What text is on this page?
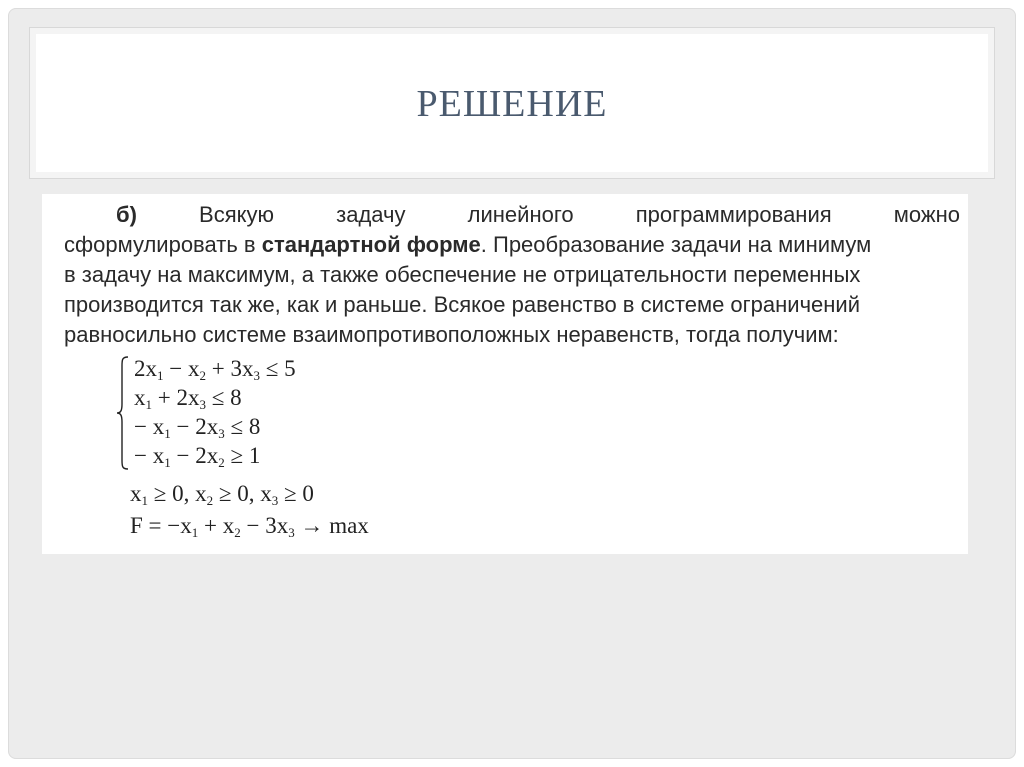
РЕШЕНИЕ
б)	Всякую	задачу	линейного	программирования	можно
сформулировать в стандартной форме. Преобразование задачи на минимум
в задачу на максимум, а также обеспечение не отрицательности переменных
производится так же, как и раньше. Всякое равенство в системе ограничений
равносильно системе взаимопротивоположных неравенств, тогда получим:
$2x_1 - x_2 + 3x_3 \le 5$
$x_1 + 2x_3 \le 8$
− $x_1 - 2x_3 \le 8$
− $x_1 - 2x_2 \ge 1$
$x_1 \ge 0$, $x_2 \ge 0$, $x_3 \ge 0$
$F = -x_1 + x_2 - 3x_3 \to \max$
